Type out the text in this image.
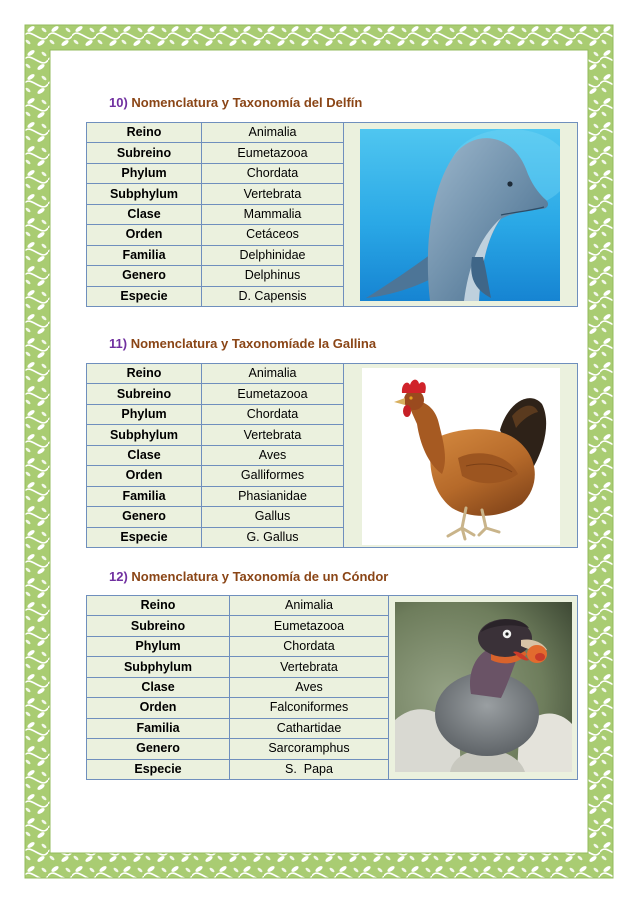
10) Nomenclatura y Taxonomía del Delfín
Reino	Animalia	
Subreino	Eumetazooa	
Phylum	Chordata	
Subphylum	Vertebrata	
Clase	Mammalia	
Orden	Cetáceos	
Familia	Delphinidae	
Genero	Delphinus	
Especie	D. Capensis	
11) Nomenclatura y Taxonomíade la Gallina
Reino	Animalia	
Subreino	Eumetazooa	
Phylum	Chordata	
Subphylum	Vertebrata	
Clase	Aves	
Orden	Galliformes	
Familia	Phasianidae	
Genero	Gallus	
Especie	G. Gallus	
12) Nomenclatura y Taxonomía de un Cóndor
Reino	Animalia	
Subreino	Eumetazooa	
Phylum	Chordata	
Subphylum	Vertebrata	
Clase	Aves	
Orden	Falconiformes	
Familia	Cathartidae	
Genero	Sarcoramphus	
Especie	S.  Papa	
